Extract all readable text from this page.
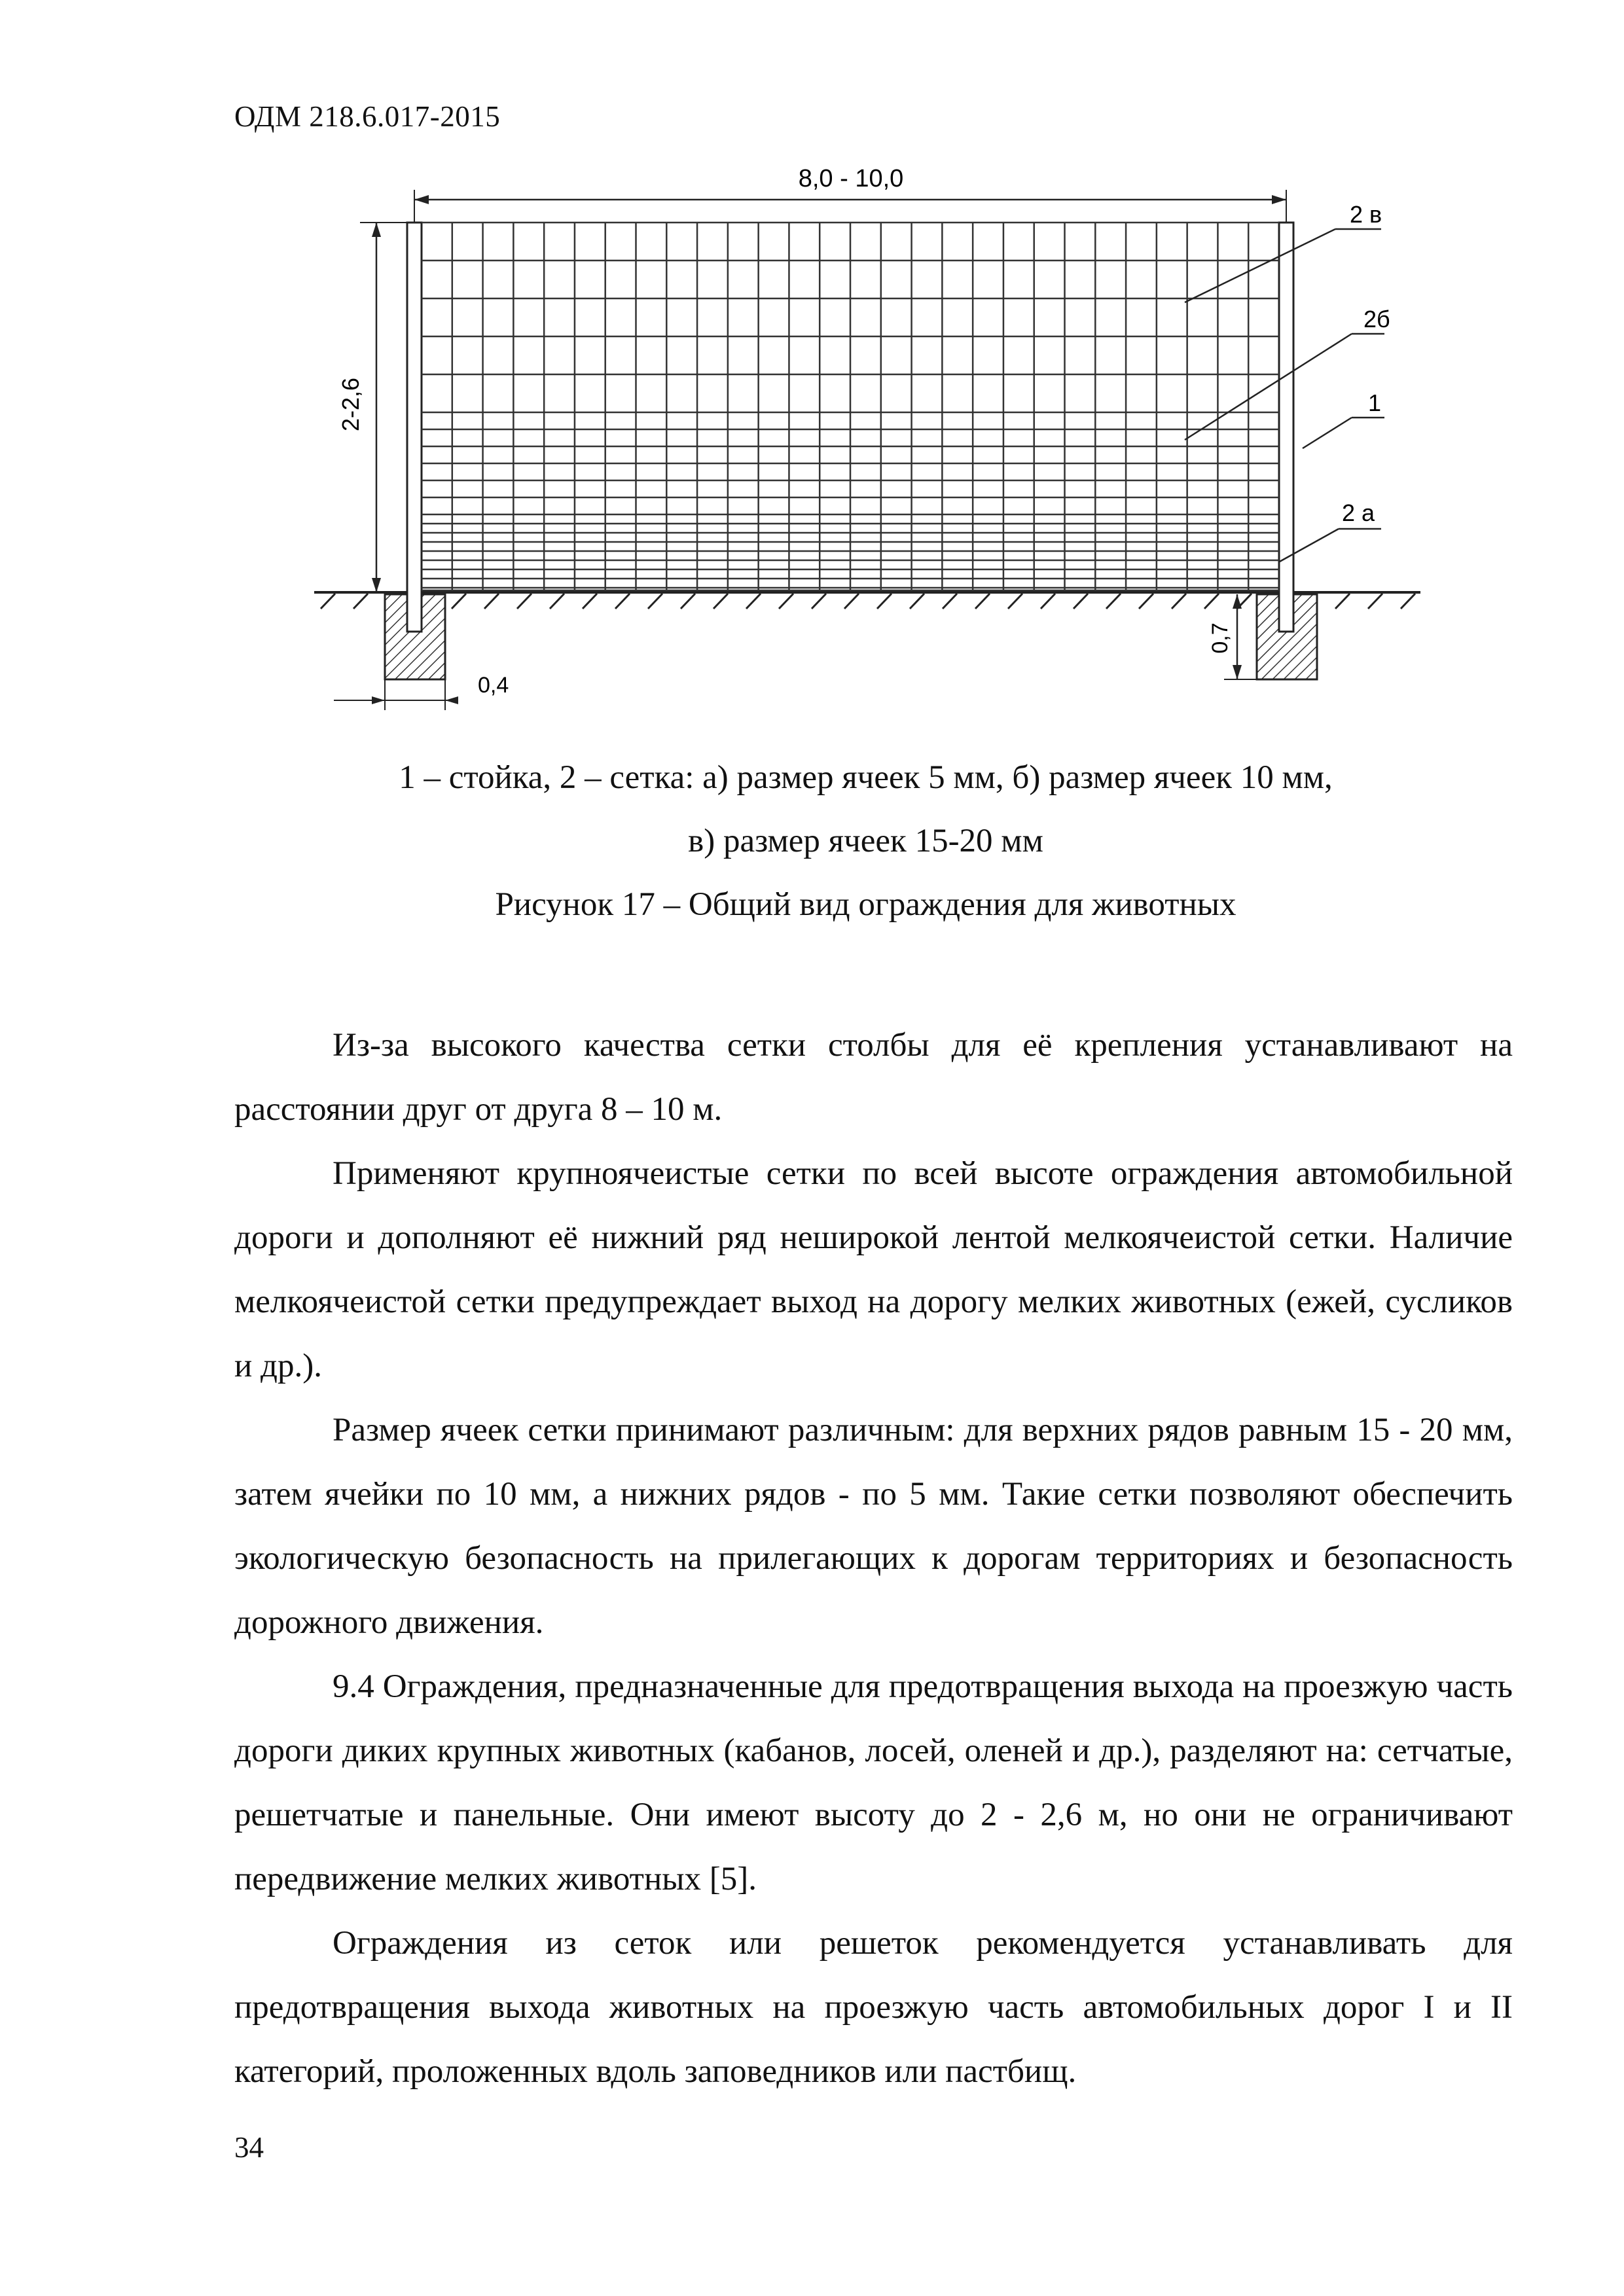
ОДМ 218.6.017-2015
8,0 - 10,0
2-2,6
0,4
0,7
2 в
2б
1
2 а
1 – стойка, 2 – сетка: а) размер ячеек 5 мм, б) размер ячеек 10 мм,
в) размер ячеек 15-20 мм
Рисунок 17 – Общий вид ограждения для животных

Из-за высокого качества сетки столбы для её крепления устанавливают на расстоянии друг от друга 8 – 10 м.

Применяют крупноячеистые сетки по всей высоте ограждения автомобильной дороги и дополняют её нижний ряд неширокой лентой мелкоячеистой сетки. Наличие мелкоячеистой сетки предупреждает выход на дорогу мелких животных (ежей, сусликов и др.).

Размер ячеек сетки принимают различным: для верхних рядов равным 15 - 20 мм, затем ячейки по 10 мм, а нижних рядов - по 5 мм. Такие сетки позволяют обеспечить экологическую безопасность на прилегающих к дорогам территориях и безопасность дорожного движения.

9.4 Ограждения, предназначенные для предотвращения выхода на проезжую часть дороги диких крупных животных (кабанов, лосей, оленей и др.), разделяют на: сетчатые, решетчатые и панельные. Они имеют высоту до 2 - 2,6 м, но они не ограничивают передвижение мелких животных [5].

Ограждения из сеток или решеток рекомендуется устанавливать для предотвращения выхода животных на проезжую часть автомобильных дорог I и II категорий, проложенных вдоль заповедников или пастбищ.

34
